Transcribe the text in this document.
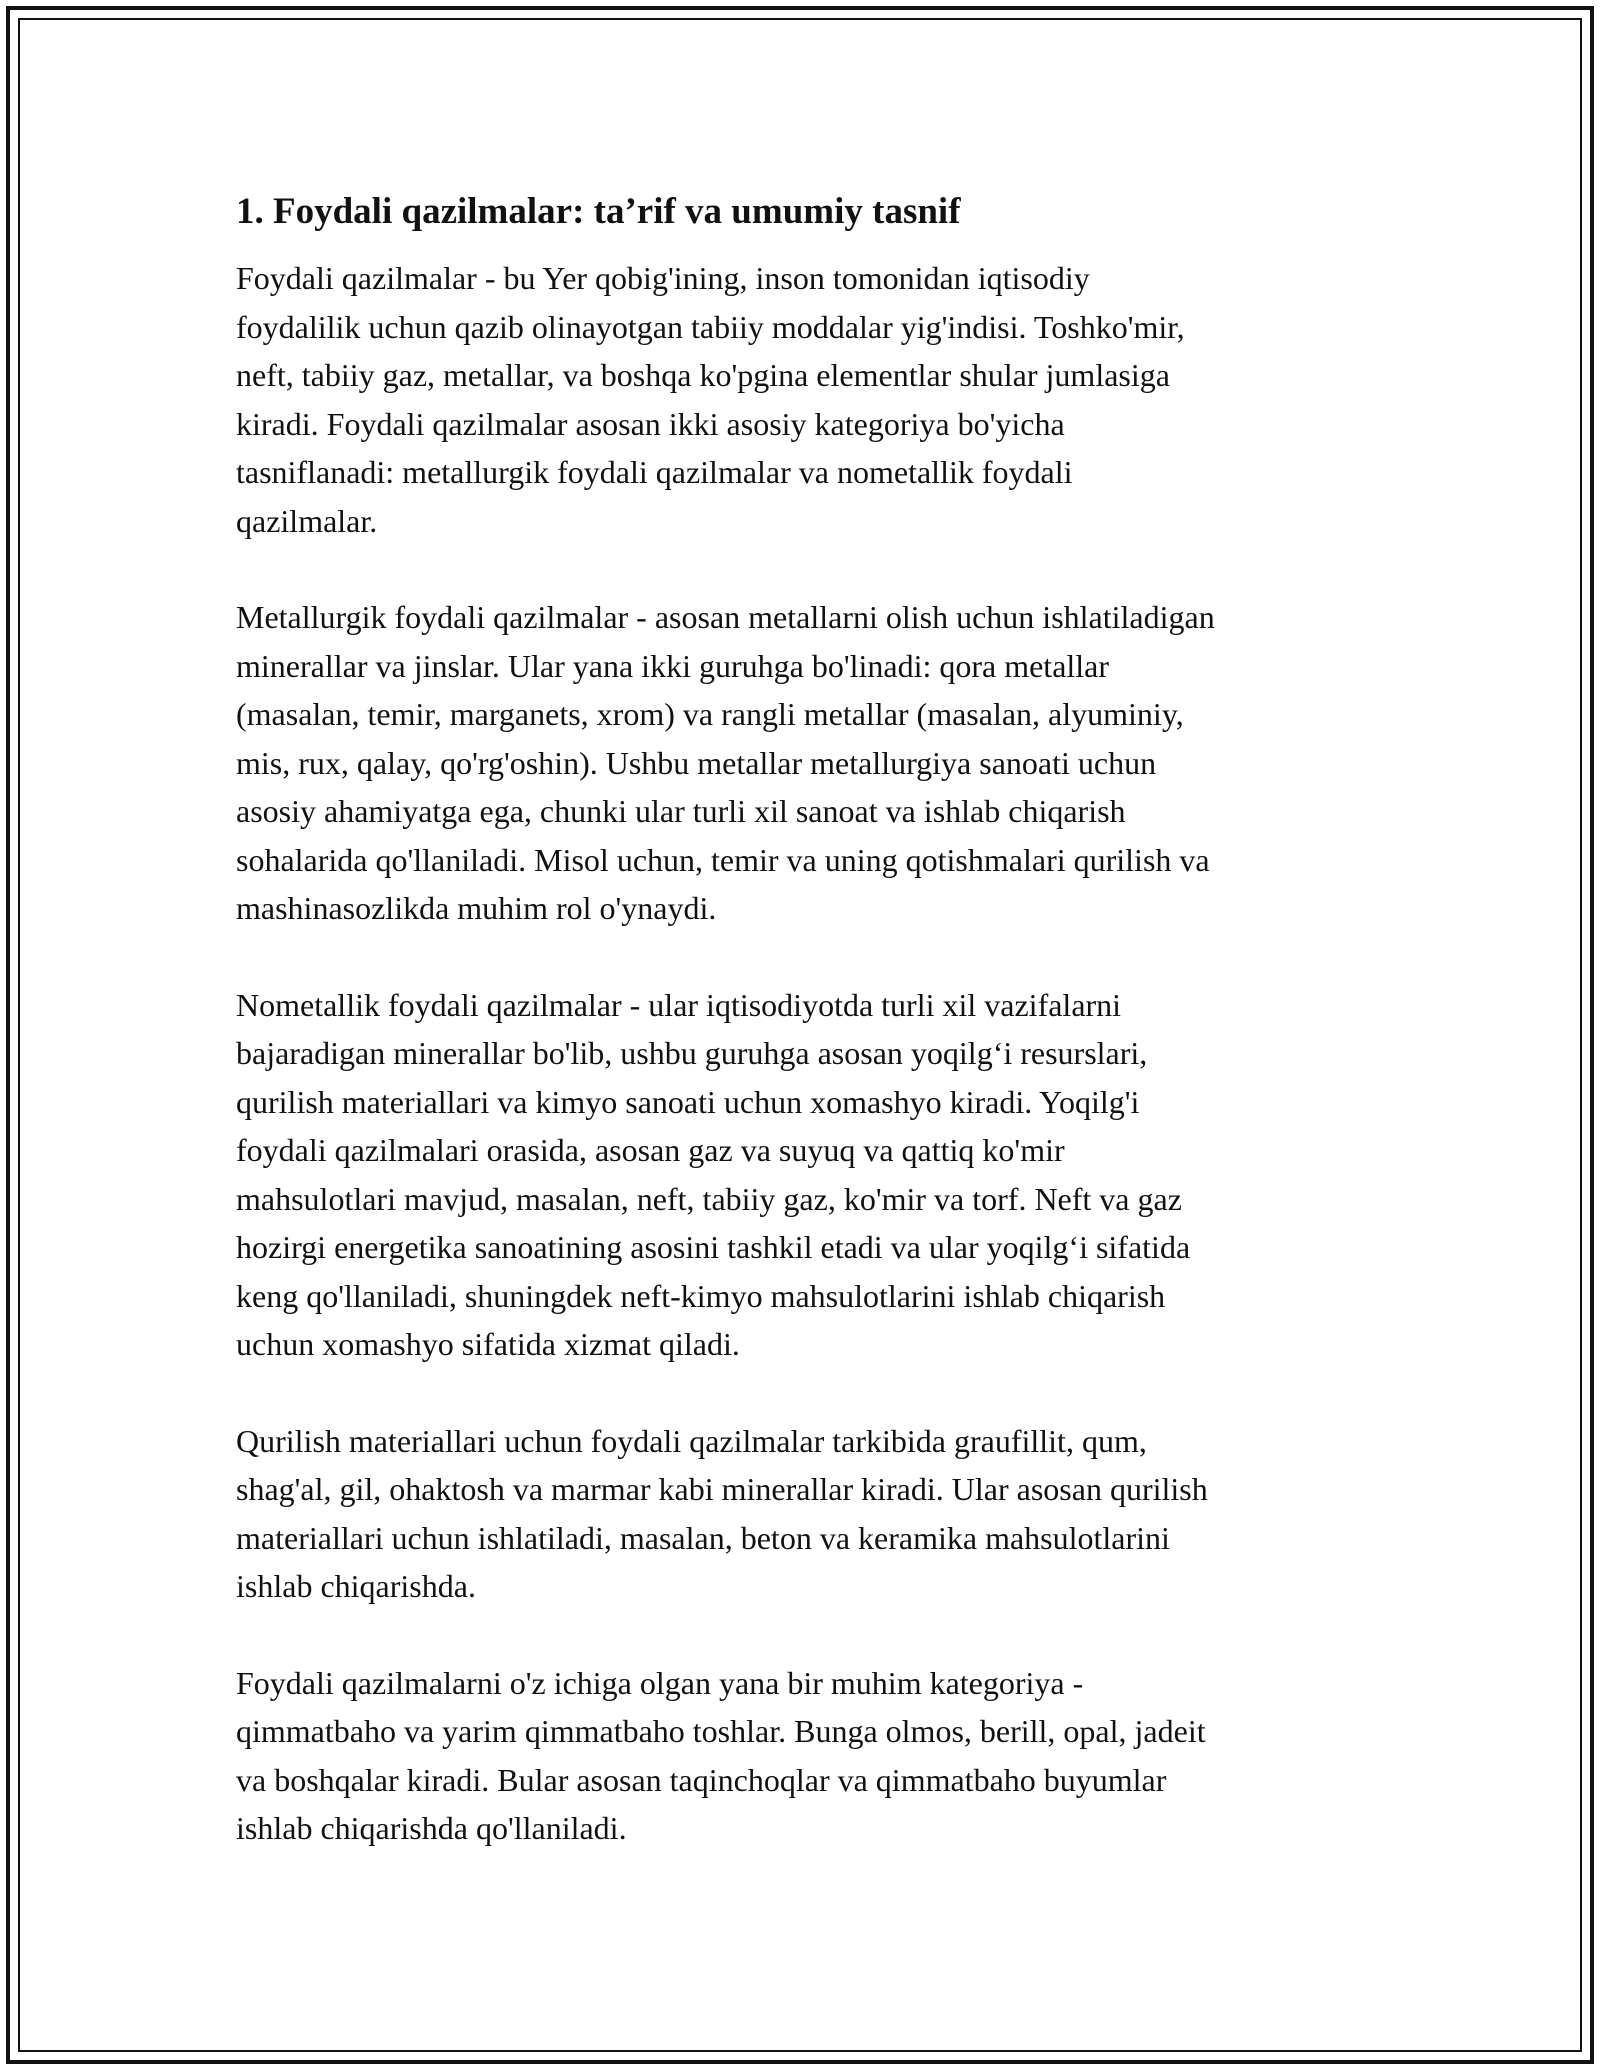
1. Foydali qazilmalar: ta’rif va umumiy tasnif

Foydali qazilmalar - bu Yer qobig'ining, inson tomonidan iqtisodiy
foydalilik uchun qazib olinayotgan tabiiy moddalar yig'indisi. Toshko'mir,
neft, tabiiy gaz, metallar, va boshqa ko'pgina elementlar shular jumlasiga
kiradi. Foydali qazilmalar asosan ikki asosiy kategoriya bo'yicha
tasniflanadi: metallurgik foydali qazilmalar va nometallik foydali
qazilmalar.

Metallurgik foydali qazilmalar - asosan metallarni olish uchun ishlatiladigan
minerallar va jinslar. Ular yana ikki guruhga bo'linadi: qora metallar
(masalan, temir, marganets, xrom) va rangli metallar (masalan, alyuminiy,
mis, rux, qalay, qo'rg'oshin). Ushbu metallar metallurgiya sanoati uchun
asosiy ahamiyatga ega, chunki ular turli xil sanoat va ishlab chiqarish
sohalarida qo'llaniladi. Misol uchun, temir va uning qotishmalari qurilish va
mashinasozlikda muhim rol o'ynaydi.

Nometallik foydali qazilmalar - ular iqtisodiyotda turli xil vazifalarni
bajaradigan minerallar bo'lib, ushbu guruhga asosan yoqilg‘i resurslari,
qurilish materiallari va kimyo sanoati uchun xomashyo kiradi. Yoqilg'i
foydali qazilmalari orasida, asosan gaz va suyuq va qattiq ko'mir
mahsulotlari mavjud, masalan, neft, tabiiy gaz, ko'mir va torf. Neft va gaz
hozirgi energetika sanoatining asosini tashkil etadi va ular yoqilg‘i sifatida
keng qo'llaniladi, shuningdek neft-kimyo mahsulotlarini ishlab chiqarish
uchun xomashyo sifatida xizmat qiladi.

Qurilish materiallari uchun foydali qazilmalar tarkibida graufillit, qum,
shag'al, gil, ohaktosh va marmar kabi minerallar kiradi. Ular asosan qurilish
materiallari uchun ishlatiladi, masalan, beton va keramika mahsulotlarini
ishlab chiqarishda.

Foydali qazilmalarni o'z ichiga olgan yana bir muhim kategoriya -
qimmatbaho va yarim qimmatbaho toshlar. Bunga olmos, berill, opal, jadeit
va boshqalar kiradi. Bular asosan taqinchoqlar va qimmatbaho buyumlar
ishlab chiqarishda qo'llaniladi.
